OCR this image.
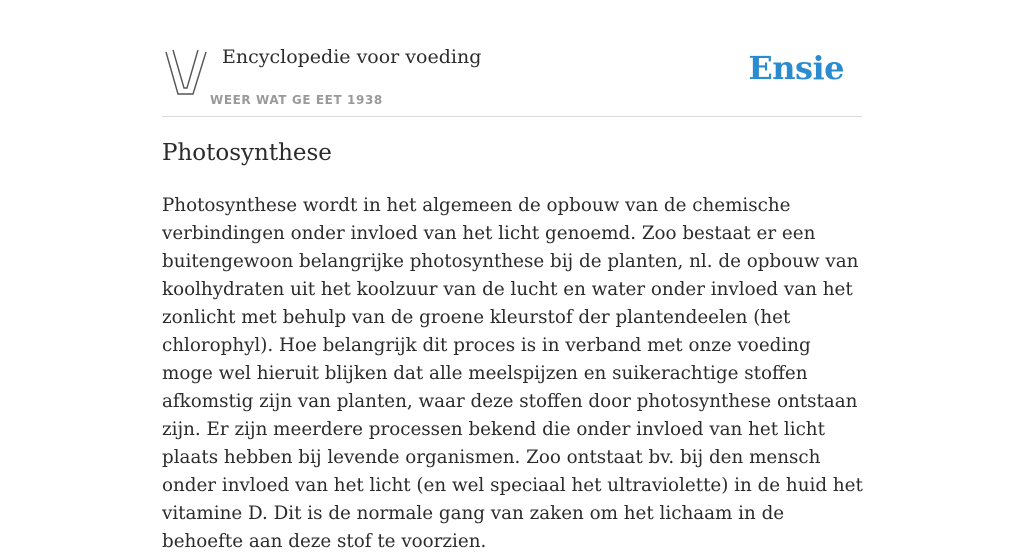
Encyclopedie voor voeding
WEER WAT GE EET 1938
Ensie
Photosynthese

Photosynthese wordt in het algemeen de opbouw van de chemische verbindingen onder invloed van het licht genoemd. Zoo bestaat er een buitengewoon belangrijke photosynthese bij de planten, nl. de opbouw van koolhydraten uit het koolzuur van de lucht en water onder invloed van het zonlicht met behulp van de groene kleurstof der plantendeelen (het chlorophyl). Hoe belangrijk dit proces is in verband met onze voeding moge wel hieruit blijken dat alle meelspijzen en suikerachtige stoffen afkomstig zijn van planten, waar deze stoffen door photosynthese ontstaan zijn. Er zijn meerdere processen bekend die onder invloed van het licht plaats hebben bij levende organismen. Zoo ontstaat bv. bij den mensch onder invloed van het licht (en wel speciaal het ultraviolette) in de huid het vitamine D. Dit is de normale gang van zaken om het lichaam in de behoefte aan deze stof te voorzien.
